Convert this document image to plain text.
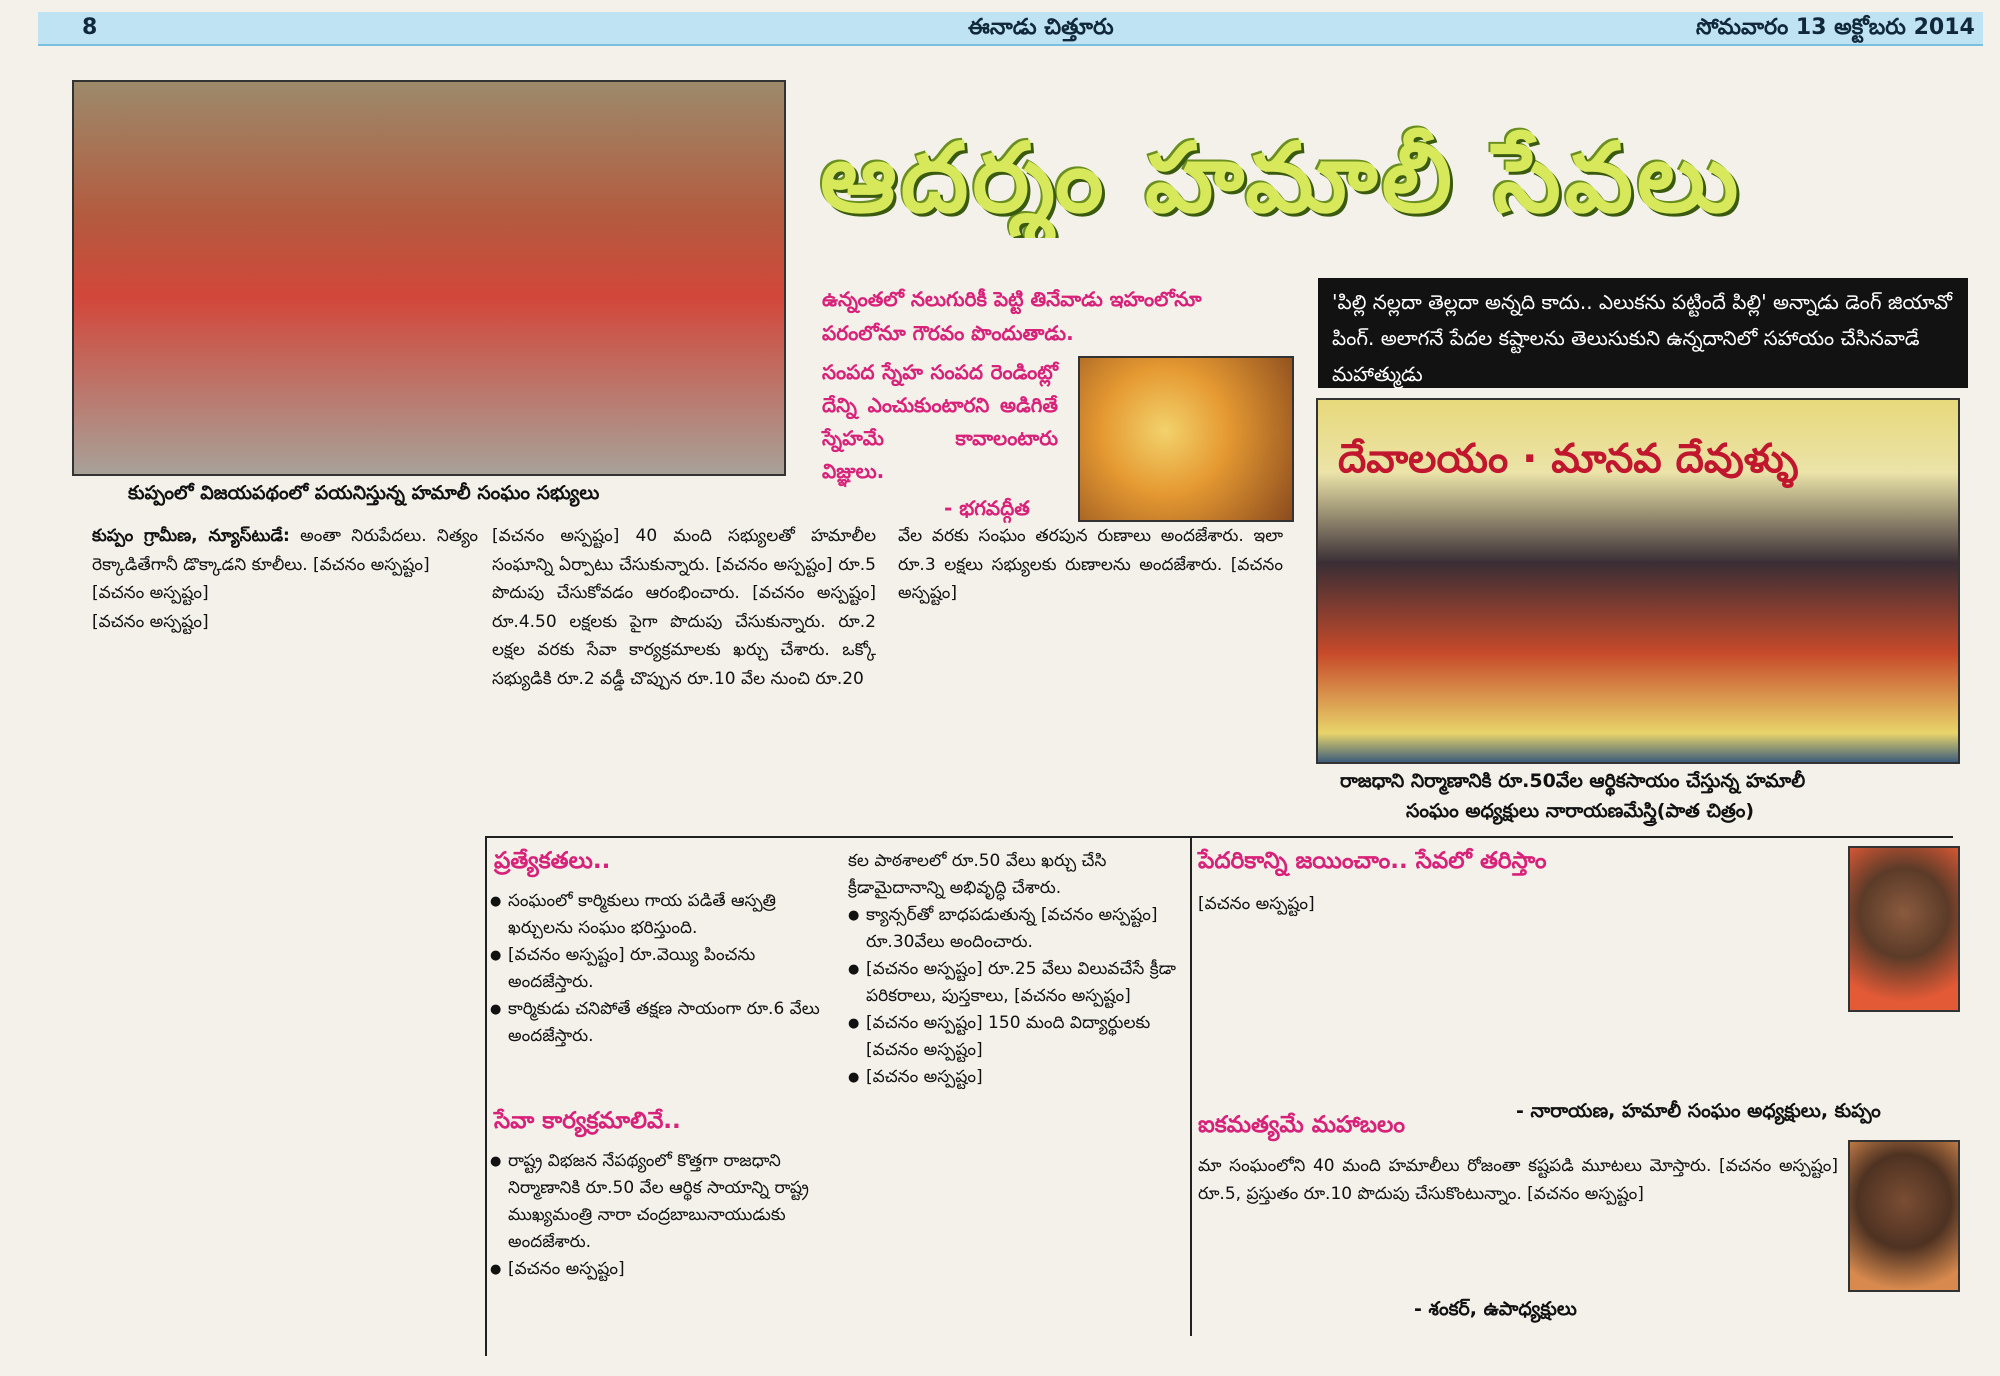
8	ఈనాడు చిత్తూరు	సోమవారం 13 అక్టోబరు 2014
కుప్పంలో విజయపథంలో పయనిస్తున్న హమాలీ సంఘం సభ్యులు
ఆదర్శం హమాలీ సేవలు
ఉన్నంతలో నలుగురికీ పెట్టి తినేవాడు ఇహంలోనూ పరంలోనూ గౌరవం పొందుతాడు.
సంపద స్నేహ సంపద రెండింట్లో దేన్ని ఎంచుకుంటారని అడిగితే స్నేహమే కావాలంటారు విజ్ఞులు.
- భగవద్గీత
'పిల్లి నల్లదా తెల్లదా అన్నది కాదు.. ఎలుకను పట్టిందే పిల్లి' అన్నాడు డెంగ్ జియావో పింగ్. అలాగనే పేదల కష్టాలను తెలుసుకుని ఉన్నదానిలో సహాయం చేసినవాడే మహాత్ముడు
దేవాలయం · మానవ దేవుళ్ళు
రాజధాని నిర్మాణానికి రూ.50వేల ఆర్థికసాయం చేస్తున్న హమాలీ
సంఘం అధ్యక్షులు నారాయణమేస్త్రి(పాత చిత్రం)

కుప్పం గ్రామీణ, న్యూస్‌టుడే: అంతా నిరుపేదలు. నిత్యం రెక్కాడితేగానీ డొక్కాడని కూలీలు. [వచనం అస్పష్టం]

[వచనం అస్పష్టం]

[వచనం అస్పష్టం]

[వచనం అస్పష్టం] 40 మంది సభ్యులతో హమాలీల సంఘాన్ని ఏర్పాటు చేసుకున్నారు. [వచనం అస్పష్టం] రూ.5 పొదుపు చేసుకోవడం ఆరంభించారు. [వచనం అస్పష్టం] రూ.4.50 లక్షలకు పైగా పొదుపు చేసుకున్నారు. రూ.2 లక్షల వరకు సేవా కార్యక్రమాలకు ఖర్చు చేశారు. ఒక్కో సభ్యుడికి రూ.2 వడ్డీ చొప్పున రూ.10 వేల నుంచి రూ.20

వేల వరకు సంఘం తరపున రుణాలు అందజేశారు. ఇలా రూ.3 లక్షలు సభ్యులకు రుణాలను అందజేశారు. [వచనం అస్పష్టం]

ప్రత్యేకతలు..
● సంఘంలో కార్మికులు గాయ పడితే ఆస్పత్రి ఖర్చులను సంఘం భరిస్తుంది.
● [వచనం అస్పష్టం] రూ.వెయ్యి పించను అందజేస్తారు.
● కార్మికుడు చనిపోతే తక్షణ సాయంగా రూ.6 వేలు అందజేస్తారు.
సేవా కార్యక్రమాలివే..
● రాష్ట్ర విభజన నేపథ్యంలో కొత్తగా రాజధాని నిర్మాణానికి రూ.50 వేల ఆర్థిక సాయాన్ని రాష్ట్ర ముఖ్యమంత్రి నారా చంద్రబాబునాయుడుకు అందజేశారు.
● [వచనం అస్పష్టం]

కల పాఠశాలలో రూ.50 వేలు ఖర్చు చేసి క్రీడామైదానాన్ని అభివృద్ధి చేశారు.

● క్యాన్సర్‌తో బాధపడుతున్న [వచనం అస్పష్టం] రూ.30వేలు అందించారు.
● [వచనం అస్పష్టం] రూ.25 వేలు విలువచేసే క్రీడా పరికరాలు, పుస్తకాలు, [వచనం అస్పష్టం]
● [వచనం అస్పష్టం] 150 మంది విద్యార్థులకు [వచనం అస్పష్టం]
● [వచనం అస్పష్టం]
పేదరికాన్ని జయించాం.. సేవలో తరిస్తాం

[వచనం అస్పష్టం]

- నారాయణ, హమాలీ సంఘం అధ్యక్షులు, కుప్పం
ఐకమత్యమే మహాబలం

మా సంఘంలోని 40 మంది హమాలీలు రోజంతా కష్టపడి మూటలు మోస్తారు. [వచనం అస్పష్టం] రూ.5, ప్రస్తుతం రూ.10 పొదుపు చేసుకొంటున్నాం. [వచనం అస్పష్టం]

- శంకర్, ఉపాధ్యక్షులు
